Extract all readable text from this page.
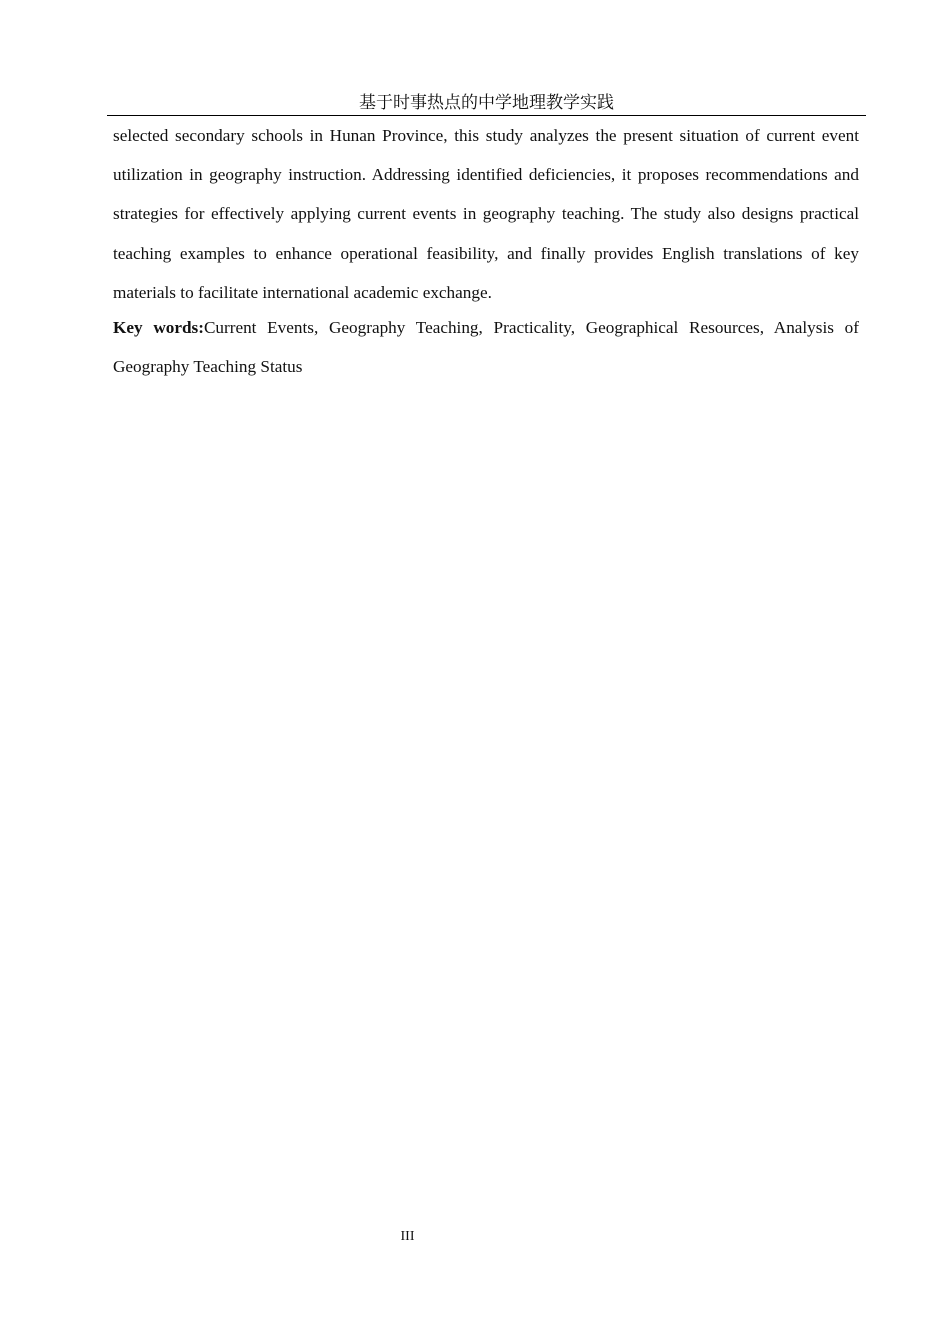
基于时事热点的中学地理教学实践

selected secondary schools in Hunan Province, this study analyzes the present situation of current event utilization in geography instruction. Addressing identified deficiencies, it proposes recommendations and strategies for effectively applying current events in geography teaching. The study also designs practical teaching examples to enhance operational feasibility, and finally provides English translations of key materials to facilitate international academic exchange.

Key words:Current Events, Geography Teaching, Practicality, Geographical Resources, Analysis of Geography Teaching Status
III
